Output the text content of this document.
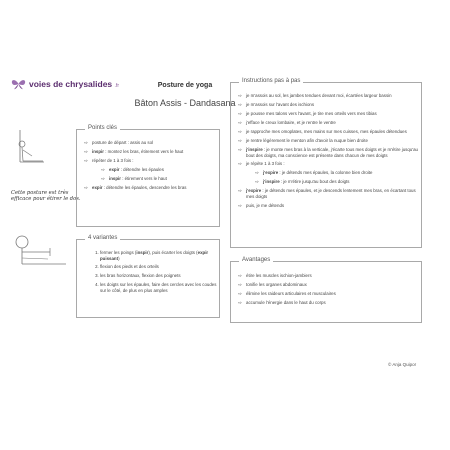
voies de chrysalides .fr	Posture de yoga
Bâton Assis - Dandasana
Cette posture est très efficace pour étirer le dos.
Points clés
⇨ posture de départ : assis au sol
⇨ inspir : montez les bras, étirement vers le haut
⇨ répéter de 1 à 3 fois :
⇨ expir : détendre les épaules
⇨ inspir : étirement vers le haut
⇨ expir : détendre les épaules, descendre les bras
4 variantes
1. fermer les poings (inspir), puis écarter les doigts (expir puissant)
2. flexion des pieds et des orteils
3. les bras horizontaux, flexion des poignets
4. les doigts sur les épaules, faire des cercles avec les coudes sur le côté, de plus en plus amples
Instructions pas à pas
⇨ je m'assois au sol, les jambes tendues devant moi, écartées largeur bassin
⇨ je m'assois sur l'avant des ischions
⇨ je pousse mes talons vers l'avant, je tire mes orteils vers mes tibias
⇨ j'efface le creux lombaire, et je rentre le ventre
⇨ je rapproche mes omoplates, mes mains sur mes cuisses, mes épaules détendues
⇨ je rentre légèrement le menton afin d'avoir la nuque bien droite
⇨ j'inspire : je monte mes bras à la verticale, j'écarte tous mes doigts et je m'étire jusqu'au bout des doigts, ma conscience est présente dans chacun de mes doigts
⇨ je répète 1 à 3 fois :
⇨ j'expire : je détends mes épaules, la colonne bien droite
⇨ j'inspire : je m'étire jusqu'au bout des doigts
⇨ j'expire : je détends mes épaules, et je descends lentement mes bras, en écartant tous mes doigts
⇨ puis, je me détends
Avantages
⇨ étire les muscles ischion-jambiers
⇨ tonifie les organes abdominaux
⇨ élimine les raideurs articulaires et musculaires
⇨ accumule l'énergie dans le haut du corps
© Anja Quipor
